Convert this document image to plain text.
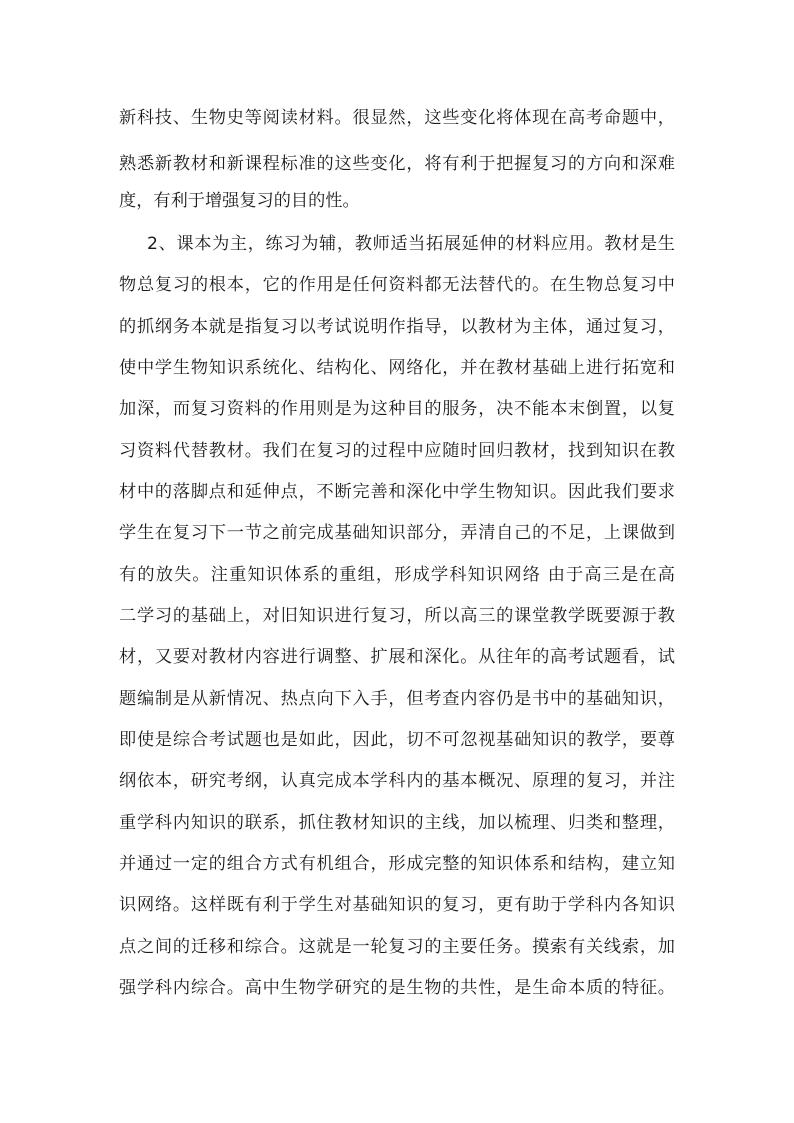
新科技、生物史等阅读材料。很显然，这些变化将体现在高考命题中，
熟悉新教材和新课程标准的这些变化，将有利于把握复习的方向和深难
度，有利于增强复习的目的性。
2、课本为主，练习为辅，教师适当拓展延伸的材料应用。教材是生
物总复习的根本，它的作用是任何资料都无法替代的。在生物总复习中
的抓纲务本就是指复习以考试说明作指导，以教材为主体，通过复习，
使中学生物知识系统化、结构化、网络化，并在教材基础上进行拓宽和
加深，而复习资料的作用则是为这种目的服务，决不能本末倒置，以复
习资料代替教材。我们在复习的过程中应随时回归教材，找到知识在教
材中的落脚点和延伸点，不断完善和深化中学生物知识。因此我们要求
学生在复习下一节之前完成基础知识部分，弄清自己的不足，上课做到
有的放失。注重知识体系的重组，形成学科知识网络 由于高三是在高
二学习的基础上，对旧知识进行复习，所以高三的课堂教学既要源于教
材，又要对教材内容进行调整、扩展和深化。从往年的高考试题看，试
题编制是从新情况、热点向下入手，但考查内容仍是书中的基础知识，
即使是综合考试题也是如此，因此，切不可忽视基础知识的教学，要尊
纲依本，研究考纲，认真完成本学科内的基本概况、原理的复习，并注
重学科内知识的联系，抓住教材知识的主线，加以梳理、归类和整理，
并通过一定的组合方式有机组合，形成完整的知识体系和结构，建立知
识网络。这样既有利于学生对基础知识的复习，更有助于学科内各知识
点之间的迁移和综合。这就是一轮复习的主要任务。摸索有关线索，加
强学科内综合。高中生物学研究的是生物的共性，是生命本质的特征。
